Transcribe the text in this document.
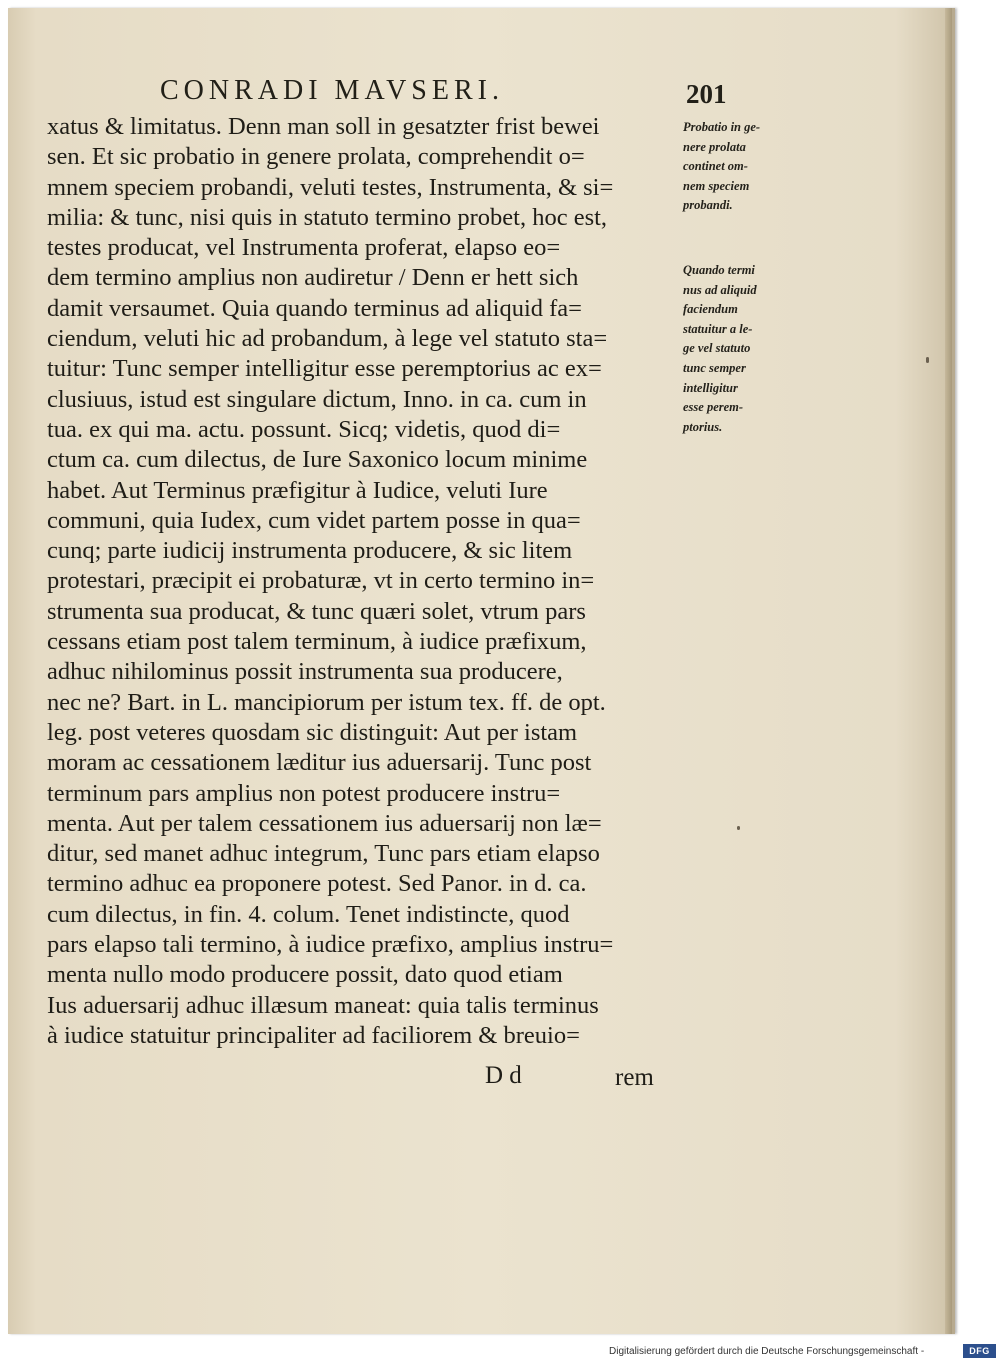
CONRADI MAVSERI.	201
xatus & limitatus. Denn man soll in gesatzter frist bewei
sen. Et sic probatio in genere prolata, comprehendit o=
mnem speciem probandi, veluti testes, Instrumenta, & si=
milia: & tunc, nisi quis in statuto termino probet, hoc est,
testes producat, vel Instrumenta proferat, elapso eo=
dem termino amplius non audiretur / Denn er hett sich
damit versaumet. Quia quando terminus ad aliquid fa=
ciendum, veluti hic ad probandum, à lege vel statuto sta=
tuitur: Tunc semper intelligitur esse peremptorius ac ex=
clusiuus, istud est singulare dictum, Inno. in ca. cum in
tua. ex qui ma. actu. possunt. Sicq; videtis, quod di=
ctum ca. cum dilectus, de Iure Saxonico locum minime
habet. Aut Terminus præfigitur à Iudice, veluti Iure
communi, quia Iudex, cum videt partem posse in qua=
cunq; parte iudicij instrumenta producere, & sic litem
protestari, præcipit ei probaturæ, vt in certo termino in=
strumenta sua producat, & tunc quæri solet, vtrum pars
cessans etiam post talem terminum, à iudice præfixum,
adhuc nihilominus possit instrumenta sua producere,
nec ne? Bart. in L. mancipiorum per istum tex. ff. de opt.
leg. post veteres quosdam sic distinguit: Aut per istam
moram ac cessationem læditur ius aduersarij. Tunc post
terminum pars amplius non potest producere instru=
menta. Aut per talem cessationem ius aduersarij non læ=
ditur, sed manet adhuc integrum, Tunc pars etiam elapso
termino adhuc ea proponere potest. Sed Panor. in d. ca.
cum dilectus, in fin. 4. colum. Tenet indistincte, quod
pars elapso tali termino, à iudice præfixo, amplius instru=
menta nullo modo producere possit, dato quod etiam
Ius aduersarij adhuc illæsum maneat: quia talis terminus
à iudice statuitur principaliter ad faciliorem & breuio=
Probatio in ge-
nere prolata
continet om-
nem speciem
probandi.
Quando termi
nus ad aliquid
faciendum
statuitur a le-
ge vel statuto
tunc semper
intelligitur
esse perem-
ptorius.
D d	rem
Digitalisierung gefördert durch die Deutsche Forschungsgemeinschaft -	DFG
